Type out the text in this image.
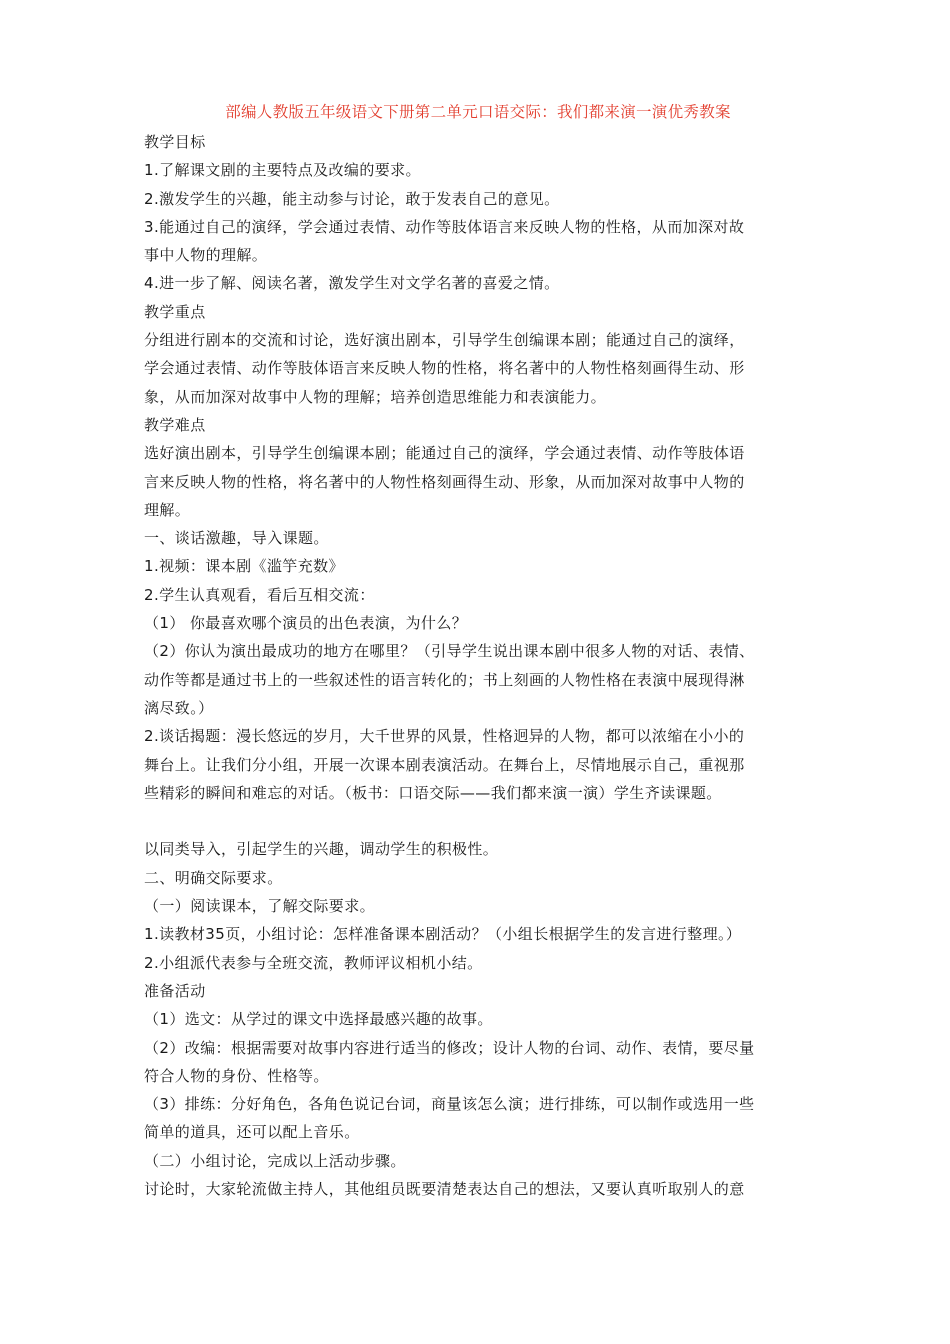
部编人教版五年级语文下册第二单元口语交际：我们都来演一演优秀教案
教学目标
1.了解课文剧的主要特点及改编的要求。
2.激发学生的兴趣，能主动参与讨论，敢于发表自己的意见。
3.能通过自己的演绎，学会通过表情、动作等肢体语言来反映人物的性格，从而加深对故
事中人物的理解。
4.进一步了解、阅读名著，激发学生对文学名著的喜爱之情。
教学重点
分组进行剧本的交流和讨论，选好演出剧本，引导学生创编课本剧；能通过自己的演绎，
学会通过表情、动作等肢体语言来反映人物的性格，将名著中的人物性格刻画得生动、形
象，从而加深对故事中人物的理解；培养创造思维能力和表演能力。
教学难点
选好演出剧本，引导学生创编课本剧；能通过自己的演绎，学会通过表情、动作等肢体语
言来反映人物的性格，将名著中的人物性格刻画得生动、形象，从而加深对故事中人物的
理解。
一、谈话激趣，导入课题。
1.视频：课本剧《滥竽充数》
2.学生认真观看，看后互相交流：
（1） 你最喜欢哪个演员的出色表演，为什么？
（2）你认为演出最成功的地方在哪里？（引导学生说出课本剧中很多人物的对话、表情、
动作等都是通过书上的一些叙述性的语言转化的；书上刻画的人物性格在表演中展现得淋
漓尽致。）
2.谈话揭题：漫长悠远的岁月，大千世界的风景，性格迥异的人物，都可以浓缩在小小的
舞台上。让我们分小组，开展一次课本剧表演活动。在舞台上，尽情地展示自己，重视那
些精彩的瞬间和难忘的对话。（板书：口语交际——我们都来演一演）学生齐读课题。
以同类导入，引起学生的兴趣，调动学生的积极性。
二、明确交际要求。
（一）阅读课本，了解交际要求。
1.读教材35页，小组讨论：怎样准备课本剧活动？（小组长根据学生的发言进行整理。）
2.小组派代表参与全班交流，教师评议相机小结。
准备活动
（1）选文：从学过的课文中选择最感兴趣的故事。
（2）改编：根据需要对故事内容进行适当的修改；设计人物的台词、动作、表情，要尽量
符合人物的身份、性格等。
（3）排练：分好角色，各角色说记台词，商量该怎么演；进行排练，可以制作或选用一些
简单的道具，还可以配上音乐。
（二）小组讨论，完成以上活动步骤。
讨论时，大家轮流做主持人，其他组员既要清楚表达自己的想法，又要认真听取别人的意
